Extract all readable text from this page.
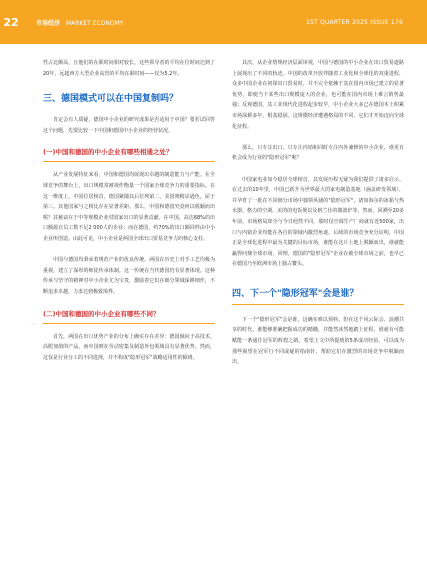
22	市场经济 MARKET ECONOMY	1ST QUARTER 2025 ISSUE 176

性占比颇高，且他们的在职时间相对较长。这些领导者的平均在位时间达到了20年，远超西方大型企业高管的平均在职时间——仅为5.2年。

三、德国模式可以在中国复制吗？

肯定会有人质疑，德国中小企业的研究成果是否适用于中国？要若试回答这个问题，先要比较一下中国和德国中小企业的经营状况。

(一)中国和德国的中小企业有哪些相通之处？

从产业发展特征来看，中国和德国均展现出卓越的制造能力与产能。在全球竞争的舞台上，出口规模常被视作衡量一个国家全球竞争力的重要指标。在这一维度上，中国位居榜首，德国紧随其后位列第二，美国则稍显逊色，屈于第三。其他国家与之相比存在显著差距。那么，中国和德国究竟何以脱颖而出呢？其秘诀在于中等规模企业对国家出口的显著贡献。在中国，高达68%的出口额源自员工数不足2 000人的企业；而在德国，约70%的出口额同样由中小企业所创造。由此可见，中小企业是两国全球出口贸易竞争力的核心支柱。

中国与德国均秉承着规范产业的优良传统。两国在历史上对手工艺均极为重视，建立了深厚的师徒传承体制。这一传统在当代德国仍有显著体现。这种传承与坚守的精神对中小企业尤为宝贵，激励着它们在细分领域深耕细作，不断追求卓越，力求达到极致境界。

(二)中国和德国的中小企业有哪些不同？

首先，两国在出口优势产业的分布上确实存在差异：德国倾向于高技术、高附加值的产品，而中国则在劳动密集及制造外包领域具有显著优势。然而，这仅是行业分工的不同选择，并不构成"隐形冠军"战略适用性的障碍。

其次，从企业情规经济层面审视，中国与德国的中小企业在出口贸易道路上展现出了不同的轨迹。中国的改革开放伴随着工业化和全球化的双重进程，众多中国企业在初探出口贸易时，并不完全依赖于其在国内市场已建立的显著优势，即便当下某些出口规模庞大的企业，也可能在国内市场上难言销售最强；反观德国，其工业现代化进程起步较早，中小企业大多已在德国本土积累市场深耕多年，根基稳固。这规模经济遭遇格局的不同，它们才开始迈向全球化征程。

那么，只专注出口、只专注内销和同时专注内外兼修的中小企业，谁更有机会成为行业的"隐形冠军"呢？

中国家电业如今稳居全球榜首，其发展历程无疑为我们提供了诸多启示。在过去的10年里，中国已跃升为世界最大的家电制造基地（涵盖研发领域），并孕育了一批在不同细分市场中独领风骚的"隐形冠军"，诸如海尔的冰箱与热水器、格力的空调、美的的电饭煲以及格兰仕的微波炉等。然而，回溯至20多年前，市场格局却全与今日迥然不同，那时仅空调生产厂商就有近500家，出口与内销企业均能在各自的领域内激烈角逐。后续的市场竞争充分证明，中国正是全球化进程中最为关键的目标市场，谁能在这片土地上脱颖而出，谁就能赢得问鼎全球市场。同理，德国的"隐形冠军"企业在被全球市场之前，也早已在德国乃至欧洲市场上独占鳌头。

四、下一个"隐形冠军"会是谁？

下一个"隐形冠军"会是谁，这确实难以预料。但在这个风云际会、浪潮共享的时代，谁能够准确把握成功的精髓，并能然沐然地踏上征程，谁就有可能赋能一条通往冠军的辉煌之路。希望上文中所提到的5条成功经验，可以成为那些渴望在冠军行不同或疑的指南针，帮助它们在激烈的市场竞争中脱颖而出。
